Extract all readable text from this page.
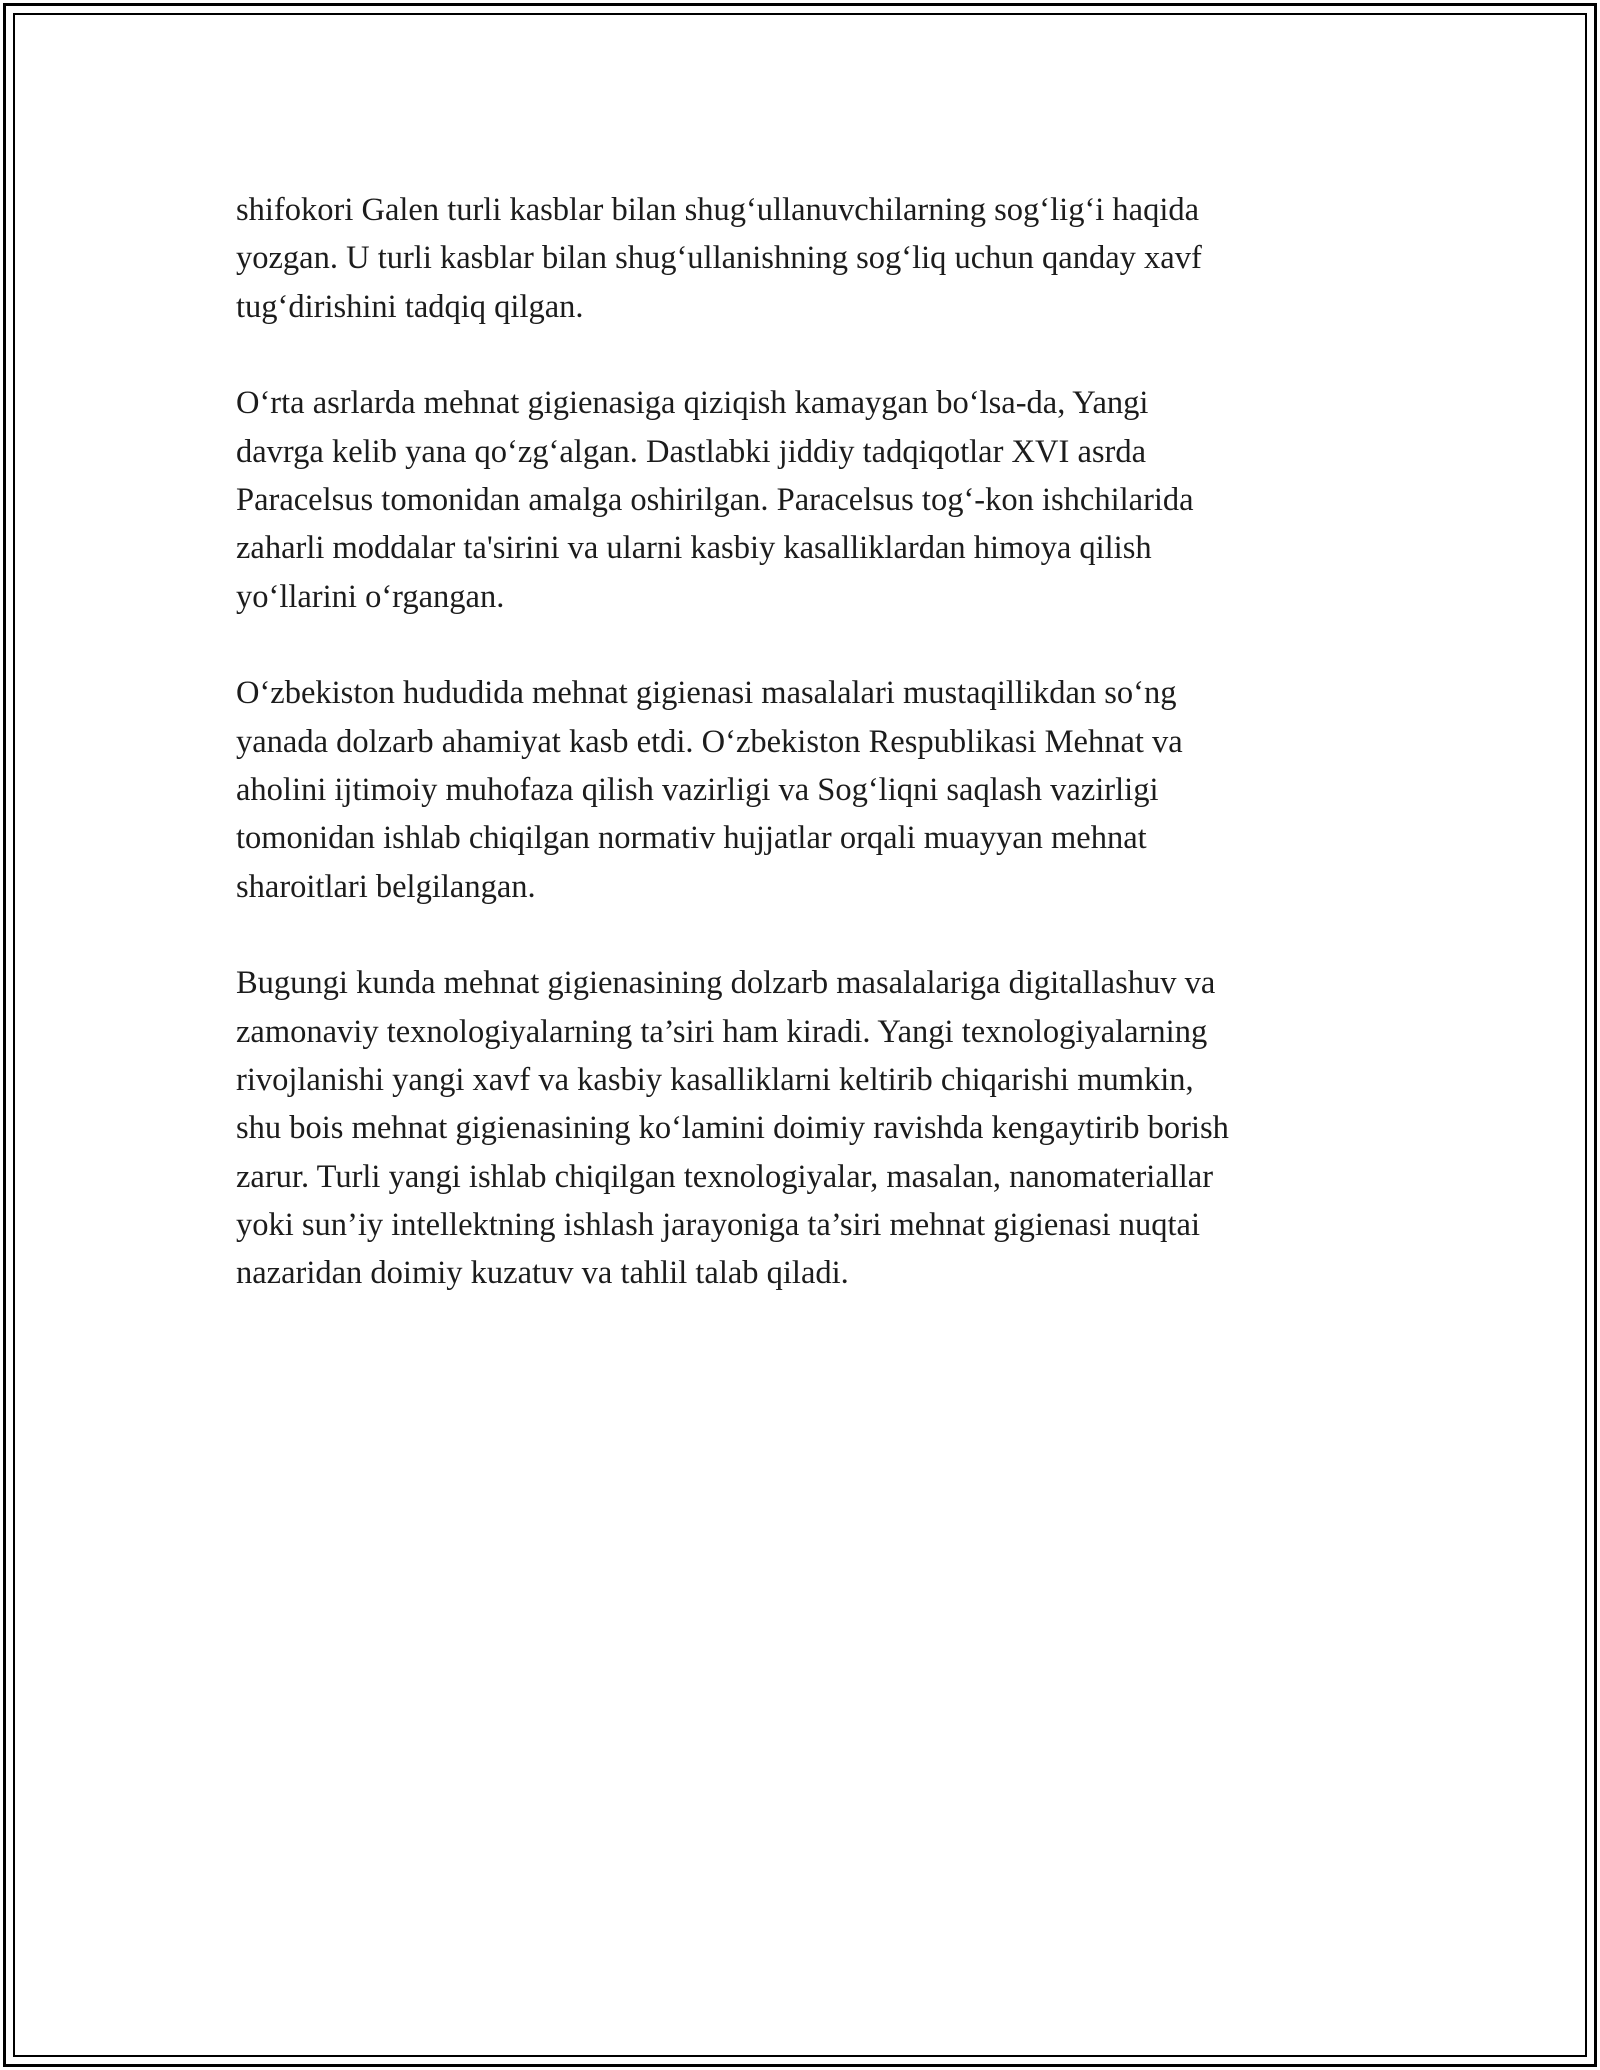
shifokori Galen turli kasblar bilan shug‘ullanuvchilarning sog‘lig‘i haqida
yozgan. U turli kasblar bilan shug‘ullanishning sog‘liq uchun qanday xavf
tug‘dirishini tadqiq qilgan.

O‘rta asrlarda mehnat gigienasiga qiziqish kamaygan bo‘lsa-da, Yangi
davrga kelib yana qo‘zg‘algan. Dastlabki jiddiy tadqiqotlar XVI asrda
Paracelsus tomonidan amalga oshirilgan. Paracelsus tog‘-kon ishchilarida
zaharli moddalar ta'sirini va ularni kasbiy kasalliklardan himoya qilish
yo‘llarini o‘rgangan.

O‘zbekiston hududida mehnat gigienasi masalalari mustaqillikdan so‘ng
yanada dolzarb ahamiyat kasb etdi. O‘zbekiston Respublikasi Mehnat va
aholini ijtimoiy muhofaza qilish vazirligi va Sog‘liqni saqlash vazirligi
tomonidan ishlab chiqilgan normativ hujjatlar orqali muayyan mehnat
sharoitlari belgilangan.

Bugungi kunda mehnat gigienasining dolzarb masalalariga digitallashuv va
zamonaviy texnologiyalarning ta’siri ham kiradi. Yangi texnologiyalarning
rivojlanishi yangi xavf va kasbiy kasalliklarni keltirib chiqarishi mumkin,
shu bois mehnat gigienasining ko‘lamini doimiy ravishda kengaytirib borish
zarur. Turli yangi ishlab chiqilgan texnologiyalar, masalan, nanomateriallar
yoki sun’iy intellektning ishlash jarayoniga ta’siri mehnat gigienasi nuqtai
nazaridan doimiy kuzatuv va tahlil talab qiladi.
